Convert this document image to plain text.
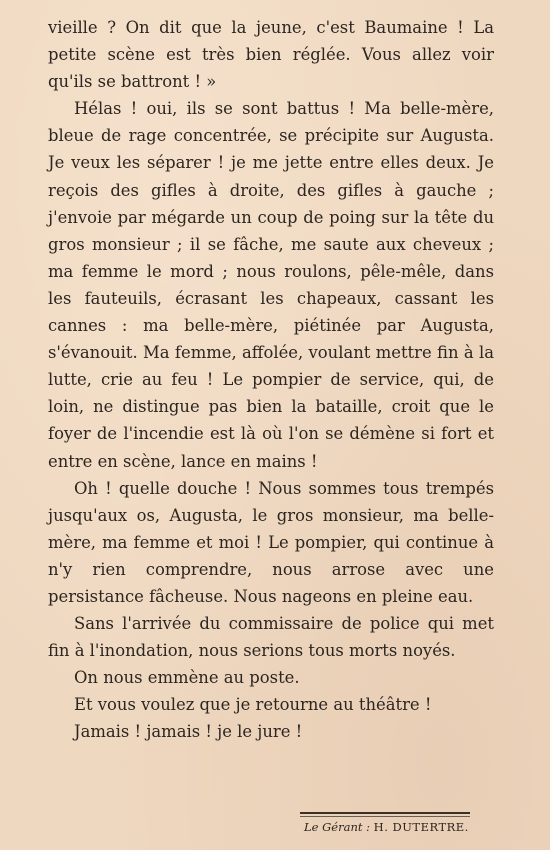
vieille ? On dit que la jeune, c'est Baumaine ! La petite scène est très bien réglée. Vous allez voir qu'ils se battront ! »

Hélas ! oui, ils se sont battus ! Ma belle-mère, bleue de rage concentrée, se précipite sur Augusta. Je veux les séparer ! je me jette entre elles deux. Je reçois des gifles à droite, des gifles à gauche ; j'envoie par mégarde un coup de poing sur la tête du gros monsieur ; il se fâche, me saute aux cheveux ; ma femme le mord ; nous roulons, pêle-mêle, dans les fauteuils, écrasant les chapeaux, cassant les cannes : ma belle-mère, piétinée par Augusta, s'évanouit. Ma femme, affolée, voulant mettre fin à la lutte, crie au feu ! Le pompier de service, qui, de loin, ne distingue pas bien la bataille, croit que le foyer de l'incendie est là où l'on se démène si fort et entre en scène, lance en mains !

Oh ! quelle douche ! Nous sommes tous trempés jusqu'aux os, Augusta, le gros monsieur, ma belle-mère, ma femme et moi ! Le pompier, qui continue à n'y rien comprendre, nous arrose avec une persistance fâcheuse. Nous nageons en pleine eau.

Sans l'arrivée du commissaire de police qui met fin à l'inondation, nous serions tous morts noyés.

On nous emmène au poste.

Et vous voulez que je retourne au théâtre !

Jamais ! jamais ! je le jure !

Le Gérant : H. DUTERTRE.
